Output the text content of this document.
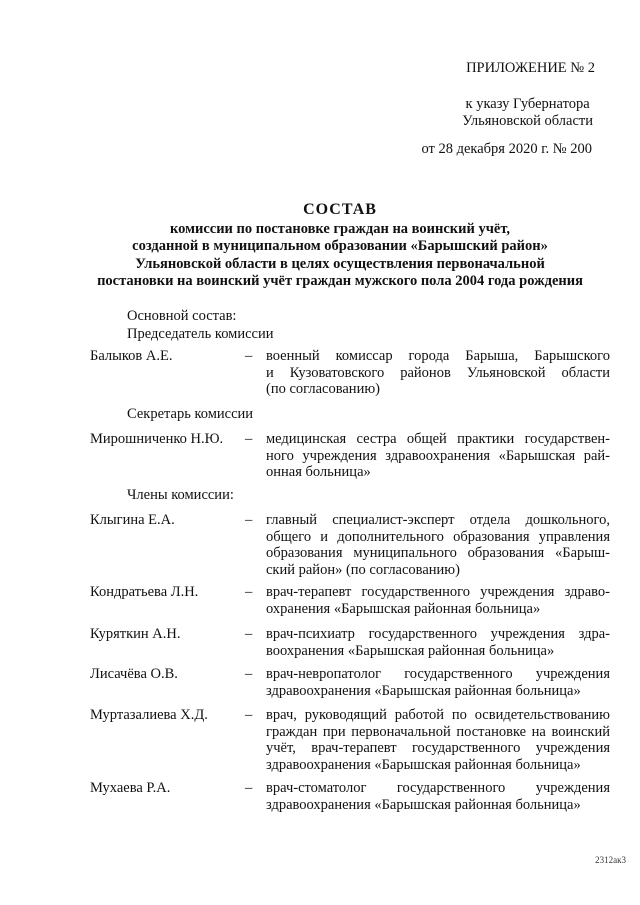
ПРИЛОЖЕНИЕ № 2
к указу Губернатора
Ульяновской области
от 28 декабря 2020 г. № 200
СОСТАВ
комиссии по постановке граждан на воинский учёт,
созданной в муниципальном образовании «Барышский район»
Ульяновской области в целях осуществления первоначальной
постановки на воинский учёт граждан мужского пола 2004 года рождения
Основной состав:
Председатель комиссии
Балыков А.Е.	– военный комиссар города Барыша, Барышского
и Кузоватовского районов Ульяновской области
(по согласованию)
Секретарь комиссии
Мирошниченко Н.Ю. – медицинская сестра общей практики государствен-
ного учреждения здравоохранения «Барышская рай-
онная больница»
Члены комиссии:
Клыгина Е.А.	– главный специалист-эксперт отдела дошкольного,
общего и дополнительного образования управления
образования муниципального образования «Барыш-
ский район» (по согласованию)
Кондратьева Л.Н.	– врач-терапевт государственного учреждения здраво-
охранения «Барышская районная больница»
Куряткин А.Н.	– врач-психиатр государственного учреждения здра-
воохранения «Барышская районная больница»
Лисачёва О.В.	– врач-невропатолог государственного учреждения
здравоохранения «Барышская районная больница»
Муртазалиева Х.Д.	– врач, руководящий работой по освидетельствованию
граждан при первоначальной постановке на воинский
учёт, врач-терапевт государственного учреждения
здравоохранения «Барышская районная больница»
Мухаева Р.А.	– врач-стоматолог государственного учреждения
здравоохранения «Барышская районная больница»
2312ак3
